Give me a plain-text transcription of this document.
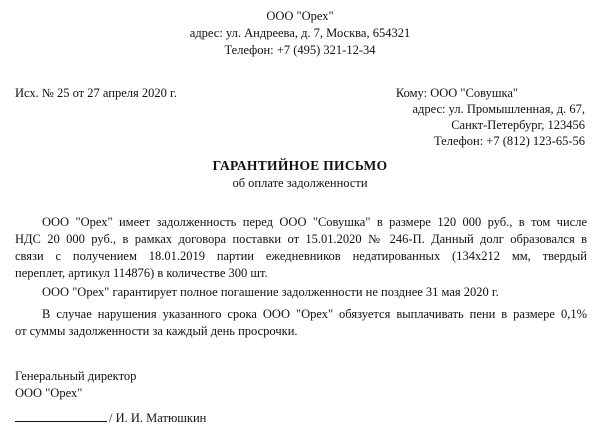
ООО "Орех"
адрес: ул. Андреева, д. 7, Москва, 654321
Телефон: +7 (495) 321-12-34
Исх. № 25 от 27 апреля 2020 г.	Кому: ООО "Совушка"
адрес: ул. Промышленная, д. 67,
Санкт-Петербург, 123456
Телефон: +7 (812) 123-65-56
ГАРАНТИЙНОЕ ПИСЬМО
об оплате задолженности
ООО "Орех" имеет задолженность перед ООО "Совушка" в размере 120 000 руб., в том числе
НДС 20 000 руб., в рамках договора поставки от 15.01.2020 № 246-П. Данный долг образовался в
связи с получением 18.01.2019 партии ежедневников недатированных (134х212 мм, твердый
переплет, артикул 114876) в количестве 300 шт.
ООО "Орех" гарантирует полное погашение задолженности не позднее 31 мая 2020 г.
В случае нарушения указанного срока ООО "Орех" обязуется выплачивать пени в размере 0,1%
от суммы задолженности за каждый день просрочки.
Генеральный директор
ООО "Орех"
/ И. И. Матюшкин
